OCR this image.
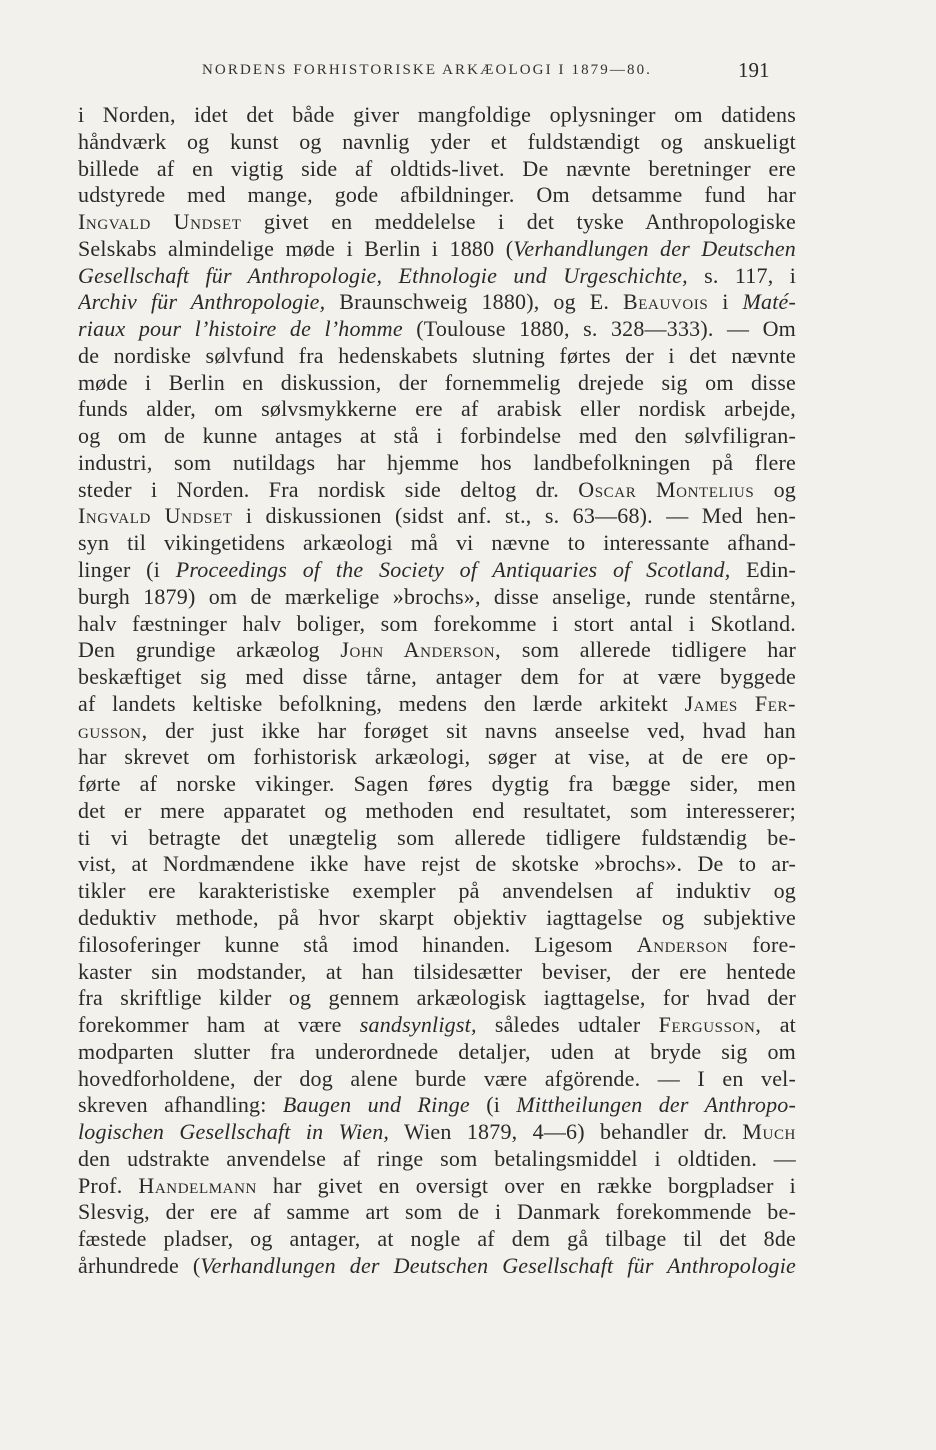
NORDENS FORHISTORISKE ARKÆOLOGI I 1879—80.	191
i Norden, idet det både giver mangfoldige oplysninger om datidens
håndværk og kunst og navnlig yder et fuldstændigt og anskueligt
billede af en vigtig side af oldtids-livet. De nævnte beretninger ere
udstyrede med mange, gode afbildninger. Om detsamme fund har
Ingvald Undset givet en meddelelse i det tyske Anthropologiske
Selskabs almindelige møde i Berlin i 1880 (Verhandlungen der Deutschen
Gesellschaft für Anthropologie, Ethnologie und Urgeschichte, s. 117, i
Archiv für Anthropologie, Braunschweig 1880), og E. Beauvois i Maté-
riaux pour l’histoire de l’homme (Toulouse 1880, s. 328—333). — Om
de nordiske sølvfund fra hedenskabets slutning førtes der i det nævnte
møde i Berlin en diskussion, der fornemmelig drejede sig om disse
funds alder, om sølvsmykkerne ere af arabisk eller nordisk arbejde,
og om de kunne antages at stå i forbindelse med den sølvfiligran-
industri, som nutildags har hjemme hos landbefolkningen på flere
steder i Norden. Fra nordisk side deltog dr. Oscar Montelius og
Ingvald Undset i diskussionen (sidst anf. st., s. 63—68). — Med hen-
syn til vikingetidens arkæologi må vi nævne to interessante afhand-
linger (i Proceedings of the Society of Antiquaries of Scotland, Edin-
burgh 1879) om de mærkelige »brochs», disse anselige, runde stentårne,
halv fæstninger halv boliger, som forekomme i stort antal i Skotland.
Den grundige arkæolog John Anderson, som allerede tidligere har
beskæftiget sig med disse tårne, antager dem for at være byggede
af landets keltiske befolkning, medens den lærde arkitekt James Fer-
gusson, der just ikke har forøget sit navns anseelse ved, hvad han
har skrevet om forhistorisk arkæologi, søger at vise, at de ere op-
førte af norske vikinger. Sagen føres dygtig fra bægge sider, men
det er mere apparatet og methoden end resultatet, som interesserer;
ti vi betragte det unægtelig som allerede tidligere fuldstændig be-
vist, at Nordmændene ikke have rejst de skotske »brochs». De to ar-
tikler ere karakteristiske exempler på anvendelsen af induktiv og
deduktiv methode, på hvor skarpt objektiv iagttagelse og subjektive
filosoferinger kunne stå imod hinanden. Ligesom Anderson fore-
kaster sin modstander, at han tilsidesætter beviser, der ere hentede
fra skriftlige kilder og gennem arkæologisk iagttagelse, for hvad der
forekommer ham at være sandsynligst, således udtaler Fergusson, at
modparten slutter fra underordnede detaljer, uden at bryde sig om
hovedforholdene, der dog alene burde være afgörende. — I en vel-
skreven afhandling: Baugen und Ringe (i Mittheilungen der Anthropo-
logischen Gesellschaft in Wien, Wien 1879, 4—6) behandler dr. Much
den udstrakte anvendelse af ringe som betalingsmiddel i oldtiden. —
Prof. Handelmann har givet en oversigt over en række borgpladser i
Slesvig, der ere af samme art som de i Danmark forekommende be-
fæstede pladser, og antager, at nogle af dem gå tilbage til det 8de
århundrede (Verhandlungen der Deutschen Gesellschaft für Anthropologie
